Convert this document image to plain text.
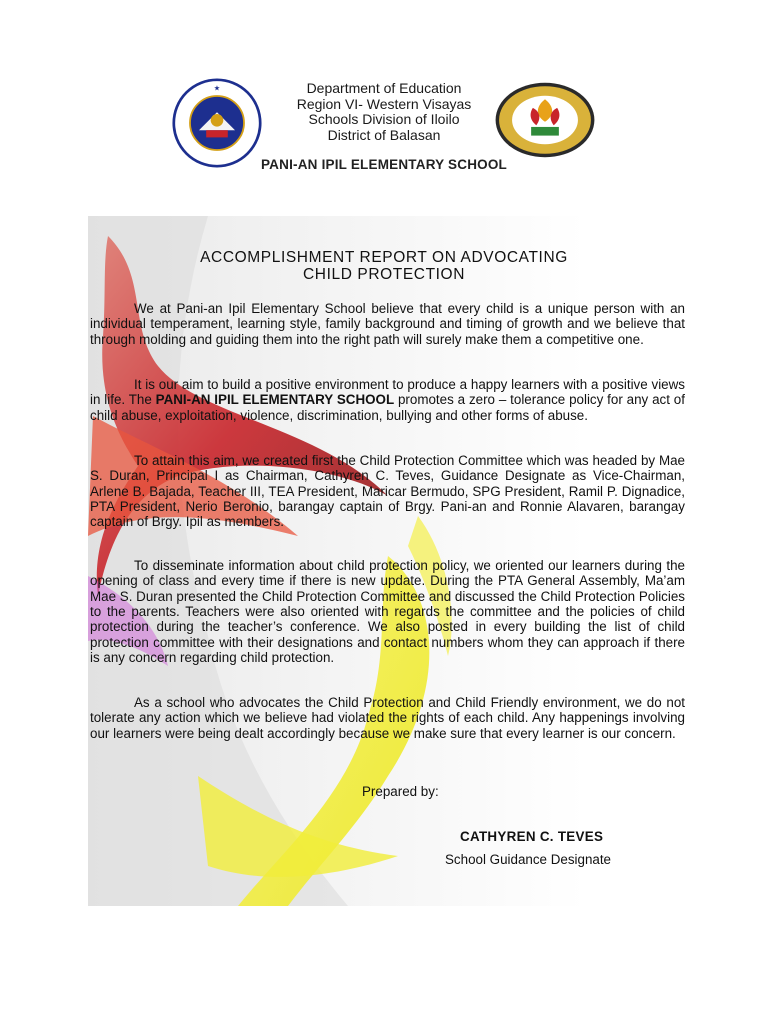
★	Department of Education
Region VI- Western Visayas
Schools Division of Iloilo
District of Balasan
PANI-AN IPIL ELEMENTARY SCHOOL
ACCOMPLISHMENT REPORT ON ADVOCATING
CHILD PROTECTION

We at Pani-an Ipil Elementary School believe that every child is a unique person with an individual temperament, learning style, family background and timing of growth and we believe that through molding and guiding them into the right path will surely make them a competitive one.

It is our aim to build a positive environment to produce a happy learners with a positive views in life. The PANI-AN IPIL ELEMENTARY SCHOOL promotes a zero – tolerance policy for any act of child abuse, exploitation, violence, discrimination, bullying and other forms of abuse.

To attain this aim, we created first the Child Protection Committee which was headed by Mae S. Duran, Principal I as Chairman, Cathyren C. Teves, Guidance Designate as Vice-Chairman, Arlene B. Bajada, Teacher III, TEA President, Maricar Bermudo, SPG President, Ramil P. Dignadice, PTA President, Nerio Beronio, barangay captain of Brgy. Pani-an and Ronnie Alavaren, barangay captain of Brgy. Ipil as members.

To disseminate information about child protection policy, we oriented our learners during the opening of class and every time if there is new update. During the PTA General Assembly, Ma’am Mae S. Duran presented the Child Protection Committee and discussed the Child Protection Policies to the parents. Teachers were also oriented with regards the committee and the policies of child protection during the teacher’s conference. We also posted in every building the list of child protection committee with their designations and contact numbers whom they can approach if there is any concern regarding child protection.

As a school who advocates the Child Protection and Child Friendly environment, we do not tolerate any action which we believe had violated the rights of each child. Any happenings involving our learners were being dealt accordingly because we make sure that every learner is our concern.

Prepared by:
CATHYREN C. TEVES
School Guidance Designate
